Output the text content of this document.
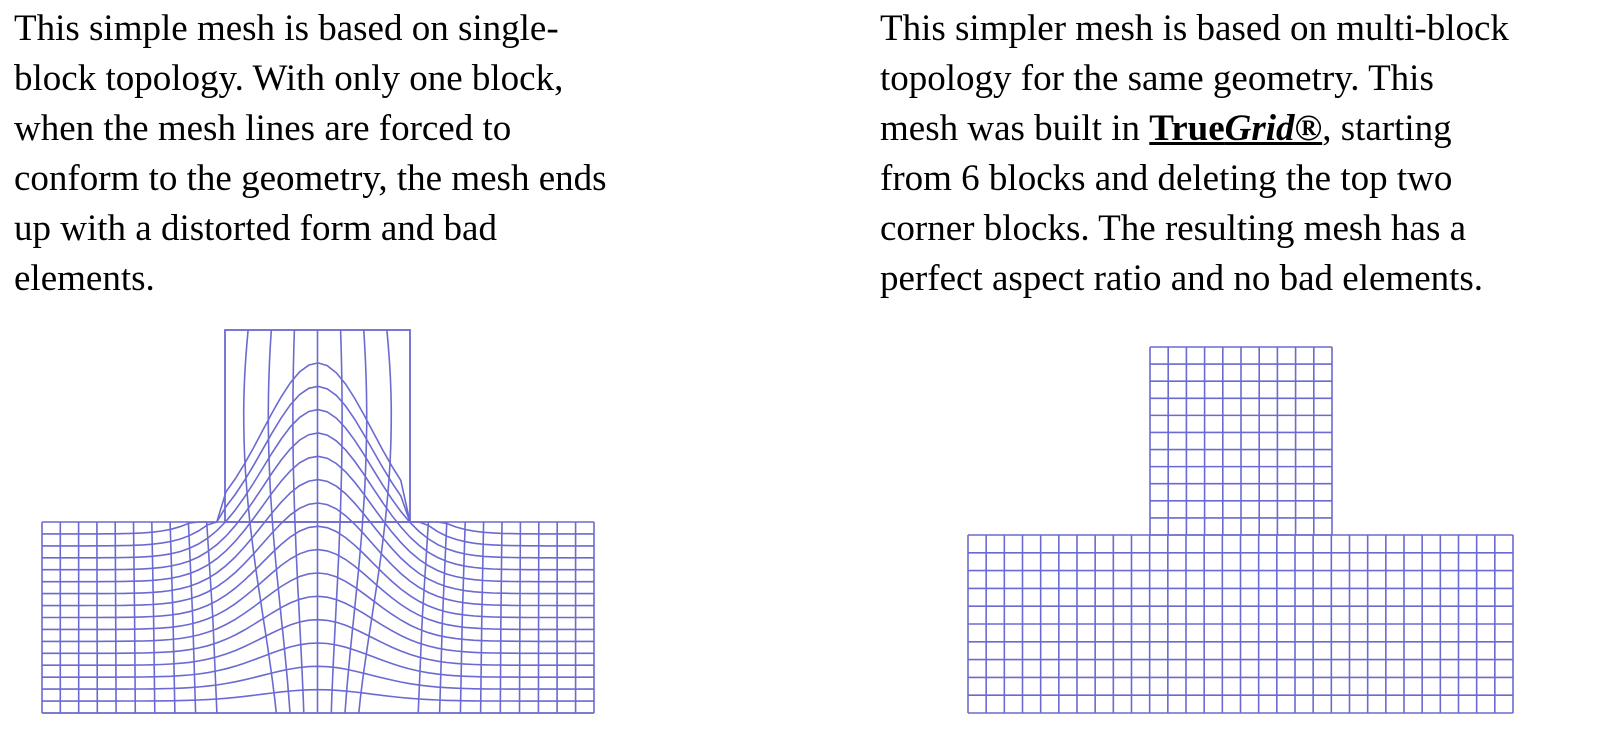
This simple mesh is based on single-
block topology. With only one block,
when the mesh lines are forced to
conform to the geometry, the mesh ends
up with a distorted form and bad
elements.
This simpler mesh is based on multi-block
topology for the same geometry. This
mesh was built in TrueGrid®, starting
from 6 blocks and deleting the top two
corner blocks. The resulting mesh has a
perfect aspect ratio and no bad elements.
